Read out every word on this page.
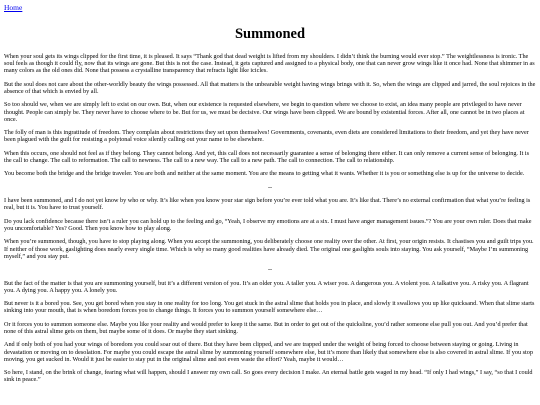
Home
Summoned

When your soul gets its wings clipped for the first time, it is pleased. It says “Thank god that dead weight is lifted from my shoulders. I didn’t think the burning would ever stop.” The weightlessness is ironic. The soul feels as though it could fly, now that its wings are gone. But this is not the case. Instead, it gets captured and assigned to a physical body, one that can never grow wings like it once had. None that shimmer in as many colors as the old ones did. None that possess a crystalline transparency that refracts light like icicles.

But the soul does not care about the other-worldly beauty the wings possessed. All that matters is the unbearable weight having wings brings with it. So, when the wings are clipped and jarred, the soul rejoices in the absence of that which is envied by all.

So too should we, when we are simply left to exist on our own. But, when our existence is requested elsewhere, we begin to question where we choose to exist, an idea many people are privileged to have never thought. People can simply be. They never have to choose where to be. But for us, we must be decisive. Our wings have been clipped. We are bound by existential forces. After all, one cannot be in two places at once.

The folly of man is this ingratitude of freedom. They complain about restrictions they set upon themselves! Governments, covenants, even diets are considered limitations to their freedom, and yet they have never been plagued with the guilt for resisting a polytonal voice silently calling out your name to be elsewhere.

When this occurs, one should not feel as if they belong. They cannot belong. And yet, this call does not necessarily guarantee a sense of belonging there either. It can only remove a current sense of belonging. It is the call to change. The call to reformation. The call to newness. The call to a new way. The call to a new path. The call to connection. The call to relationship.

You become both the bridge and the bridge traveler. You are both and neither at the same moment. You are the means to getting what it wants. Whether it is you or something else is up for the universe to decide.

--

I have been summoned, and I do not yet know by who or why. It’s like when you know your star sign before you’re ever told what you are. It’s like that. There’s no external confirmation that what you’re feeling is real, but it is. You have to trust yourself.

Do you lack confidence because there isn’t a ruler you can hold up to the feeling and go, “Yeah, I observe my emotions are at a six. I must have anger management issues.”? You are your own ruler. Does that make you uncomfortable? Yes? Good. Then you know how to play along.

When you’re summoned, though, you have to stop playing along. When you accept the summoning, you deliberately choose one reality over the other. At first, your origin resists. It chastises you and guilt trips you. If neither of those work, gaslighting does nearly every single time. Which is why so many good realities have already died. The original one gaslights souls into staying. You ask yourself, “Maybe I’m summoning myself,” and you stay put.

--

But the fact of the matter is that you are summoning yourself, but it’s a different version of you. It’s an older you. A taller you. A wiser you. A dangerous you. A violent you. A talkative you. A risky you. A flagrant you. A dying you. A happy you. A lonely you.

But never is it a bored you. See, you get bored when you stay in one reality for too long. You get stuck in the astral slime that holds you in place, and slowly it swallows you up like quicksand. When that slime starts sinking into your mouth, that is when boredom forces you to change things. It forces you to summon yourself somewhere else…

Or it forces you to summon someone else. Maybe you like your reality and would prefer to keep it the same. But in order to get out of the quicksline, you’d rather someone else pull you out. And you’d prefer that none of this astral slime gets on them, but maybe some of it does. Or maybe they start sinking.

And if only both of you had your wings of boredom you could soar out of there. But they have been clipped, and we are trapped under the weight of being forced to choose between staying or going. Living in devastation or moving on to desolation. For maybe you could escape the astral slime by summoning yourself somewhere else, but it’s more than likely that somewhere else is also covered in astral slime. If you stop moving, you get sucked in. Would it just be easier to stay put in the original slime and not even waste the effort? Yeah, maybe it would…

So here, I stand, on the brink of change, fearing what will happen, should I answer my own call. So goes every decision I make. An eternal battle gets waged in my head. “If only I had wings,” I say, “so that I could sink in peace.”
